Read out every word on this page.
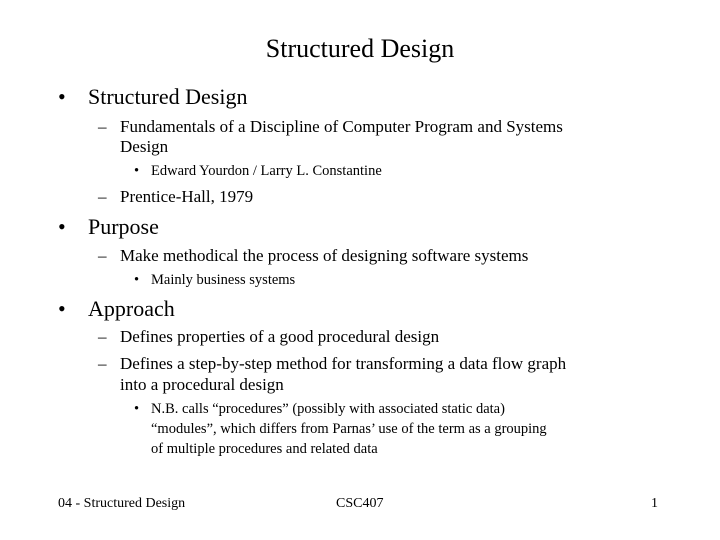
Structured Design
• Structured Design
– Fundamentals of a Discipline of Computer Program and Systems
Design
• Edward Yourdon / Larry L. Constantine
– Prentice-Hall, 1979
• Purpose
– Make methodical the process of designing software systems
• Mainly business systems
• Approach
– Defines properties of a good procedural design
– Defines a step-by-step method for transforming a data flow graph
into a procedural design
• N.B. calls “procedures” (possibly with associated static data)
“modules”, which differs from Parnas’ use of the term as a grouping
of multiple procedures and related data
04 - Structured Design	CSC407	1
